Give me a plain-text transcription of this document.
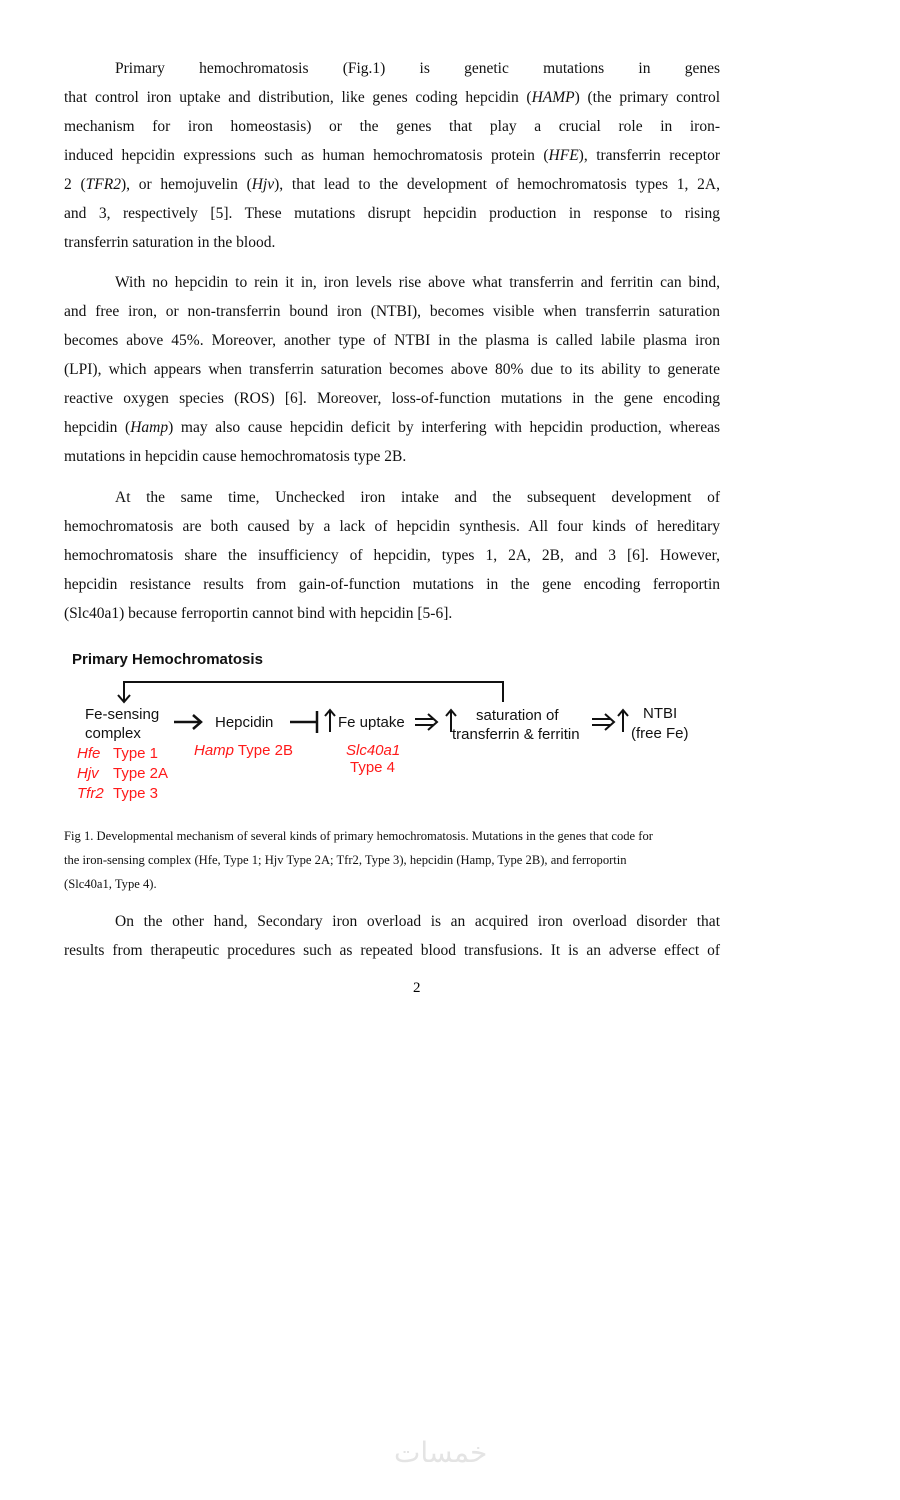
Primary hemochromatosis (Fig.1) is genetic mutations in genes
that control iron uptake and distribution, like genes coding hepcidin (HAMP) (the primary control
mechanism for iron homeostasis) or the genes that play a crucial role in iron-
induced hepcidin expressions such as human hemochromatosis protein (HFE), transferrin receptor
2 (TFR2), or hemojuvelin (Hjv), that lead to the development of hemochromatosis types 1, 2A,
and 3, respectively [5]. These mutations disrupt hepcidin production in response to rising
transferrin saturation in the blood.
With no hepcidin to rein it in, iron levels rise above what transferrin and ferritin can bind,
and free iron, or non-transferrin bound iron (NTBI), becomes visible when transferrin saturation
becomes above 45%. Moreover, another type of NTBI in the plasma is called labile plasma iron
(LPI), which appears when transferrin saturation becomes above 80% due to its ability to generate
reactive oxygen species (ROS) [6]. Moreover, loss-of-function mutations in the gene encoding
hepcidin (Hamp) may also cause hepcidin deficit by interfering with hepcidin production, whereas
mutations in hepcidin cause hemochromatosis type 2B.
At the same time, Unchecked iron intake and the subsequent development of
hemochromatosis are both caused by a lack of hepcidin synthesis. All four kinds of hereditary
hemochromatosis share the insufficiency of hepcidin, types 1, 2A, 2B, and 3 [6]. However,
hepcidin resistance results from gain-of-function mutations in the gene encoding ferroportin
(Slc40a1) because ferroportin cannot bind with hepcidin [5-6].
Primary Hemochromatosis
Fe-sensing
complex
Hepcidin	Fe uptake	saturation of
transferrin & ferritin
NTBI
(free Fe)
Hfe Type 1
Hjv Type 2A
Tfr2 Type 3
Hamp Type 2B	Slc40a1
Type 4
Fig 1. Developmental mechanism of several kinds of primary hemochromatosis. Mutations in the genes that code for
the iron-sensing complex (Hfe, Type 1; Hjv Type 2A; Tfr2, Type 3), hepcidin (Hamp, Type 2B), and ferroportin
(Slc40a1, Type 4).
On the other hand, Secondary iron overload is an acquired iron overload disorder that
results from therapeutic procedures such as repeated blood transfusions. It is an adverse effect of
2
خمسات
